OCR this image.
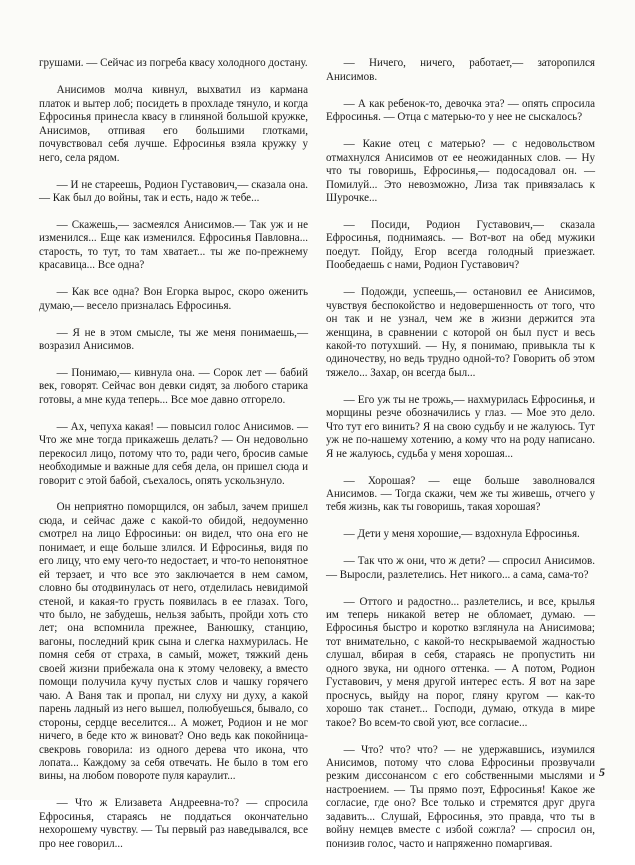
грушами. — Сейчас из погреба квасу холодного достану.

Анисимов молча кивнул, выхватил из кармана платок и вытер лоб; посидеть в прохладе тянуло, и когда Ефросинья принесла квасу в глиняной большой кружке, Анисимов, отпивая его большими глотками, почувствовал себя лучше. Ефросинья взяла кружку у него, села рядом.

— И не стареешь, Родион Густавович,— сказала она. — Как был до войны, так и есть, надо ж тебе...

— Скажешь,— засмеялся Анисимов.— Так уж и не изменился... Еще как изменился. Ефросинья Павловна... старость, то тут, то там хватает... ты же по-прежнему красавица... Все одна?

— Как все одна? Вон Егорка вырос, скоро оженить думаю,— весело призналась Ефросинья.

— Я не в этом смысле, ты же меня понимаешь,— возразил Анисимов.

— Понимаю,— кивнула она. — Сорок лет — бабий век, говорят. Сейчас вон девки сидят, за любого старика готовы, а мне куда теперь... Все мое давно отгорело.

— Ах, чепуха какая! — повысил голос Анисимов. — Что же мне тогда прикажешь делать? — Он недовольно перекосил лицо, потому что то, ради чего, бросив самые необходимые и важные для себя дела, он пришел сюда и говорит с этой бабой, съехалось, опять ускользнуло.

Он неприятно поморщился, он забыл, зачем пришел сюда, и сейчас даже с какой-то обидой, недоуменно смотрел на лицо Ефросиньи: он видел, что она его не понимает, и еще больше злился. И Ефросинья, видя по его лицу, что ему чего-то недостает, и что-то непонятное ей терзает, и что все это заключается в нем самом, словно бы отодвинулась от него, отделилась невидимой стеной, и какая-то грусть появилась в ее глазах. Того, что было, не забудешь, нельзя забыть, пройди хоть сто лет; она вспомнила прежнее, Ванюшку, станцию, вагоны, последний крик сына и слегка нахмурилась. Не помня себя от страха, в самый, может, тяжкий день своей жизни прибежала она к этому человеку, а вместо помощи получила кучу пустых слов и чашку горячего чаю. А Ваня так и пропал, ни слуху ни духу, а какой парень ладный из него вышел, полюбуешься, бывало, со стороны, сердце веселится... А может, Родион и не мог ничего, в беде кто ж виноват? Оно ведь как покойница-свекровь говорила: из одного дерева что икона, что лопата... Каждому за себя отвечать. Не было в том его вины, на любом повороте пуля караулит...

— Что ж Елизавета Андреевна-то? — спросила Ефросинья, стараясь не поддаться окончательно нехорошему чувству. — Ты первый раз наведывался, все про нее говорил...

— Ничего, ничего, работает,— заторопился Анисимов.

— А как ребенок-то, девочка эта? — опять спросила Ефросинья. — Отца с матерью-то у нее не сыскалось?

— Какие отец с матерью? — с недовольством отмахнулся Анисимов от ее неожиданных слов. — Ну что ты говоришь, Ефросинья,— подосадовал он. — Помилуй... Это невозможно, Лиза так привязалась к Шурочке...

— Посиди, Родион Густавович,— сказала Ефросинья, поднимаясь. — Вот-вот на обед мужики поедут. Пойду, Егор всегда голодный приезжает. Пообедаешь с нами, Родион Густавович?

— Подожди, успеешь,— остановил ее Анисимов, чувствуя беспокойство и недовершенность от того, что он так и не узнал, чем же в жизни держится эта женщина, в сравнении с которой он был пуст и весь какой-то потухший. — Ну, я понимаю, привыкла ты к одиночеству, но ведь трудно одной-то? Говорить об этом тяжело... Захар, он всегда был...

— Его уж ты не трожь,— нахмурилась Ефросинья, и морщины резче обозначились у глаз. — Мое это дело. Что тут его винить? Я на свою судьбу и не жалуюсь. Тут уж не по-нашему хотению, а кому что на роду написано. Я не жалуюсь, судьба у меня хорошая...

— Хорошая? — еще больше заволновался Анисимов. — Тогда скажи, чем же ты живешь, отчего у тебя жизнь, как ты говоришь, такая хорошая?

— Дети у меня хорошие,— вздохнула Ефросинья.

— Так что ж они, что ж дети? — спросил Анисимов. — Выросли, разлетелись. Нет никого... а сама, сама-то?

— Оттого и радостно... разлетелись, и все, крылья им теперь никакой ветер не обломает, думаю. — Ефросинья быстро и коротко взглянула на Анисимова; тот внимательно, с какой-то нескрываемой жадностью слушал, вбирая в себя, стараясь не пропустить ни одного звука, ни одного оттенка. — А потом, Родион Густавович, у меня другой интерес есть. Я вот на заре проснусь, выйду на порог, гляну кругом — как-то хорошо так станет... Господи, думаю, откуда в мире такое? Во всем-то свой уют, все согласие...

— Что? что? что? — не удержавшись, изумился Анисимов, потому что слова Ефросиньи прозвучали резким диссонансом с его собственными мыслями и настроением. — Ты прямо поэт, Ефросинья! Какое же согласие, где оно? Все только и стремятся друг друга задавить... Слушай, Ефросинья, это правда, что ты в войну немцев вместе с избой сожгла? — спросил он, понизив голос, часто и напряженно помаргивая.

5
